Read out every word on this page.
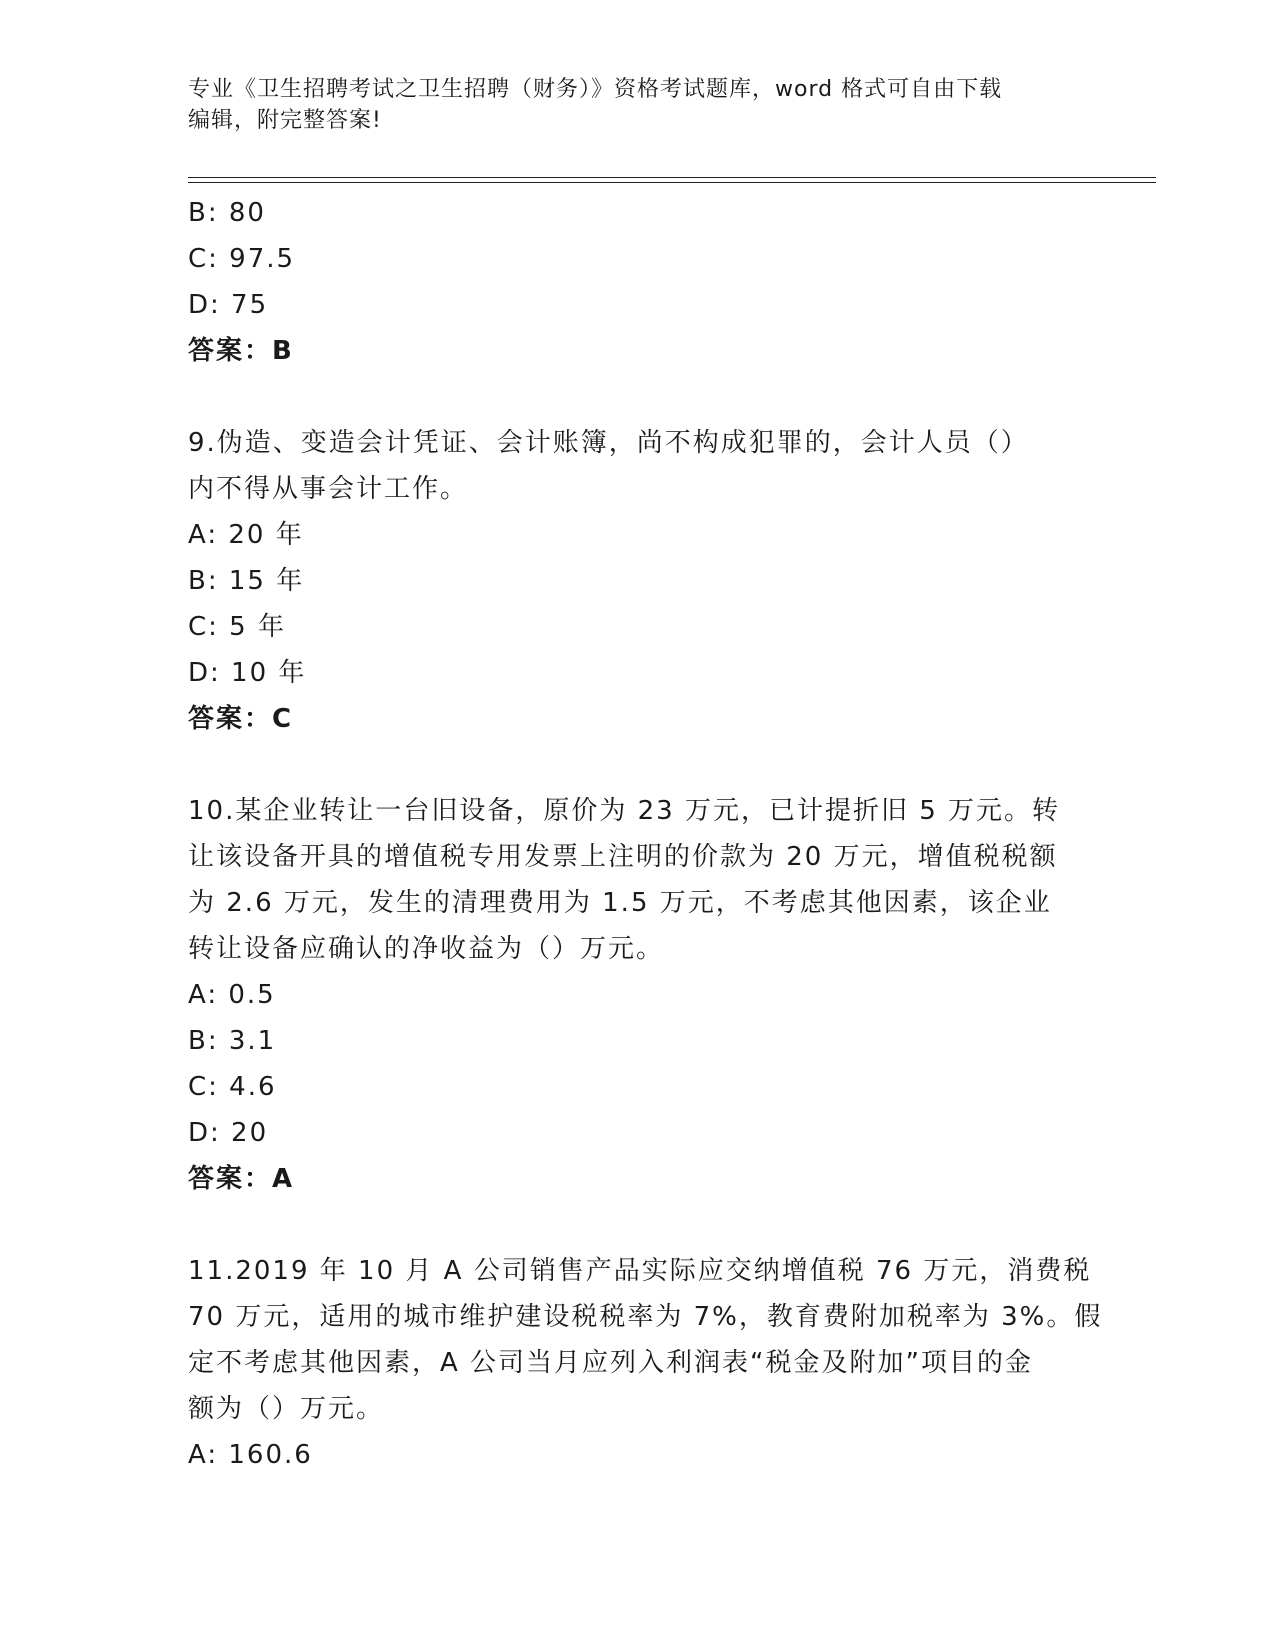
专业《卫生招聘考试之卫生招聘（财务）》资格考试题库，word 格式可自由下载
编辑，附完整答案!
B: 80
C: 97.5
D: 75
答案：B
9.伪造、变造会计凭证、会计账簿，尚不构成犯罪的，会计人员（）
内不得从事会计工作。
A: 20 年
B: 15 年
C: 5 年
D: 10 年
答案：C
10.某企业转让一台旧设备，原价为 23 万元，已计提折旧 5 万元。转
让该设备开具的增值税专用发票上注明的价款为 20 万元，增值税税额
为 2.6 万元，发生的清理费用为 1.5 万元，不考虑其他因素，该企业
转让设备应确认的净收益为（）万元。
A: 0.5
B: 3.1
C: 4.6
D: 20
答案：A
11.2019 年 10 月 A 公司销售产品实际应交纳增值税 76 万元，消费税
70 万元，适用的城市维护建设税税率为 7%，教育费附加税率为 3%。假
定不考虑其他因素，A 公司当月应列入利润表“税金及附加”项目的金
额为（）万元。
A: 160.6
